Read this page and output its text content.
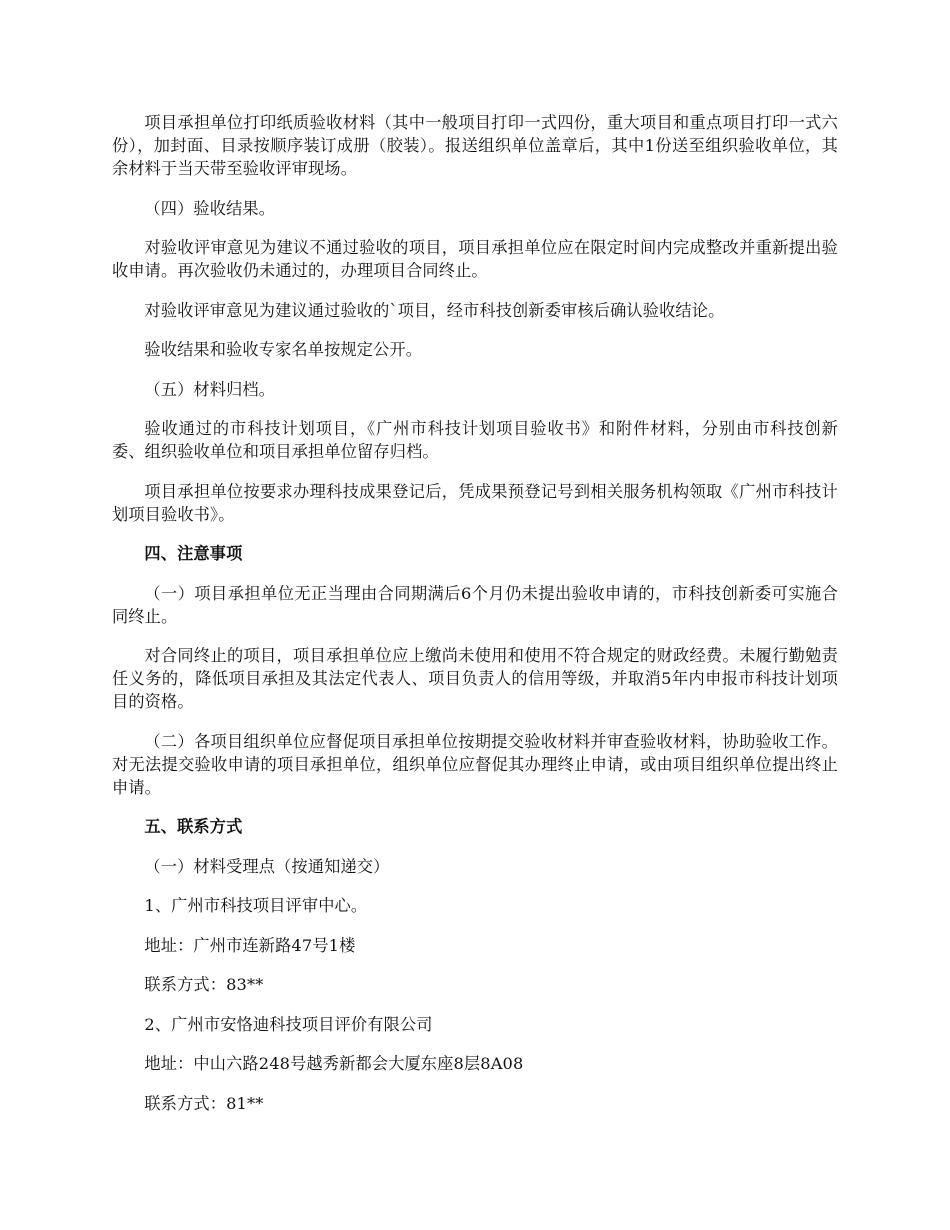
项目承担单位打印纸质验收材料（其中一般项目打印一式四份，重大项目和重点项目打印一式六份），加封面、目录按顺序装订成册（胶装）。报送组织单位盖章后，其中1份送至组织验收单位，其余材料于当天带至验收评审现场。

（四）验收结果。

对验收评审意见为建议不通过验收的项目，项目承担单位应在限定时间内完成整改并重新提出验收申请。再次验收仍未通过的，办理项目合同终止。

对验收评审意见为建议通过验收的`项目，经市科技创新委审核后确认验收结论。

验收结果和验收专家名单按规定公开。

（五）材料归档。

验收通过的市科技计划项目，《广州市科技计划项目验收书》和附件材料，分别由市科技创新委、组织验收单位和项目承担单位留存归档。

项目承担单位按要求办理科技成果登记后，凭成果预登记号到相关服务机构领取《广州市科技计划项目验收书》。

四、注意事项

（一）项目承担单位无正当理由合同期满后6个月仍未提出验收申请的，市科技创新委可实施合同终止。

对合同终止的项目，项目承担单位应上缴尚未使用和使用不符合规定的财政经费。未履行勤勉责任义务的，降低项目承担及其法定代表人、项目负责人的信用等级，并取消5年内申报市科技计划项目的资格。

（二）各项目组织单位应督促项目承担单位按期提交验收材料并审查验收材料，协助验收工作。对无法提交验收申请的项目承担单位，组织单位应督促其办理终止申请，或由项目组织单位提出终止申请。

五、联系方式

（一）材料受理点（按通知递交）

1、广州市科技项目评审中心。

地址：广州市连新路47号1楼

联系方式：83**

2、广州市安恪迪科技项目评价有限公司

地址：中山六路248号越秀新都会大厦东座8层8A08

联系方式：81**
